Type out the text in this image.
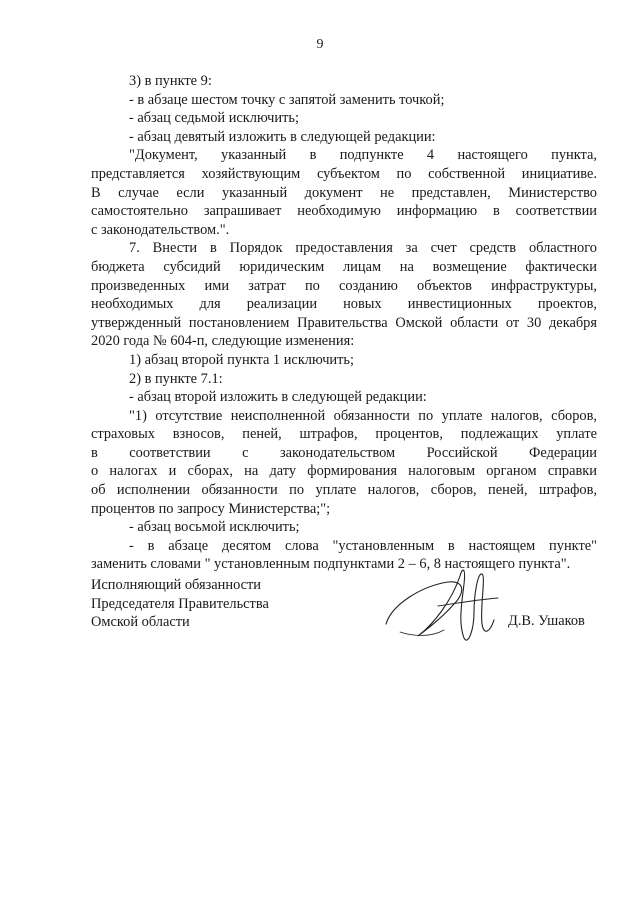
9
3) в пункте 9:
- в абзаце шестом точку с запятой заменить точкой;
- абзац седьмой исключить;
- абзац девятый изложить в следующей редакции:
"Документ, указанный в подпункте 4 настоящего пункта,
представляется хозяйствующим субъектом по собственной инициативе.
В случае если указанный документ не представлен, Министерство
самостоятельно запрашивает необходимую информацию в соответствии
с законодательством.".
7. Внести в Порядок предоставления за счет средств областного
бюджета субсидий юридическим лицам на возмещение фактически
произведенных ими затрат по созданию объектов инфраструктуры,
необходимых для реализации новых инвестиционных проектов,
утвержденный постановлением Правительства Омской области от 30 декабря
2020 года № 604-п, следующие изменения:
1) абзац второй пункта 1 исключить;
2) в пункте 7.1:
- абзац второй изложить в следующей редакции:
"1) отсутствие неисполненной обязанности по уплате налогов, сборов,
страховых взносов, пеней, штрафов, процентов, подлежащих уплате
в соответствии с законодательством Российской Федерации
о налогах и сборах, на дату формирования налоговым органом справки
об исполнении обязанности по уплате налогов, сборов, пеней, штрафов,
процентов по запросу Министерства;";
- абзац восьмой исключить;
- в абзаце десятом слова "установленным в настоящем пункте"
заменить словами " установленным подпунктами 2 – 6, 8 настоящего пункта".
Исполняющий обязанности
Председателя Правительства
Омской области	Д.В. Ушаков
